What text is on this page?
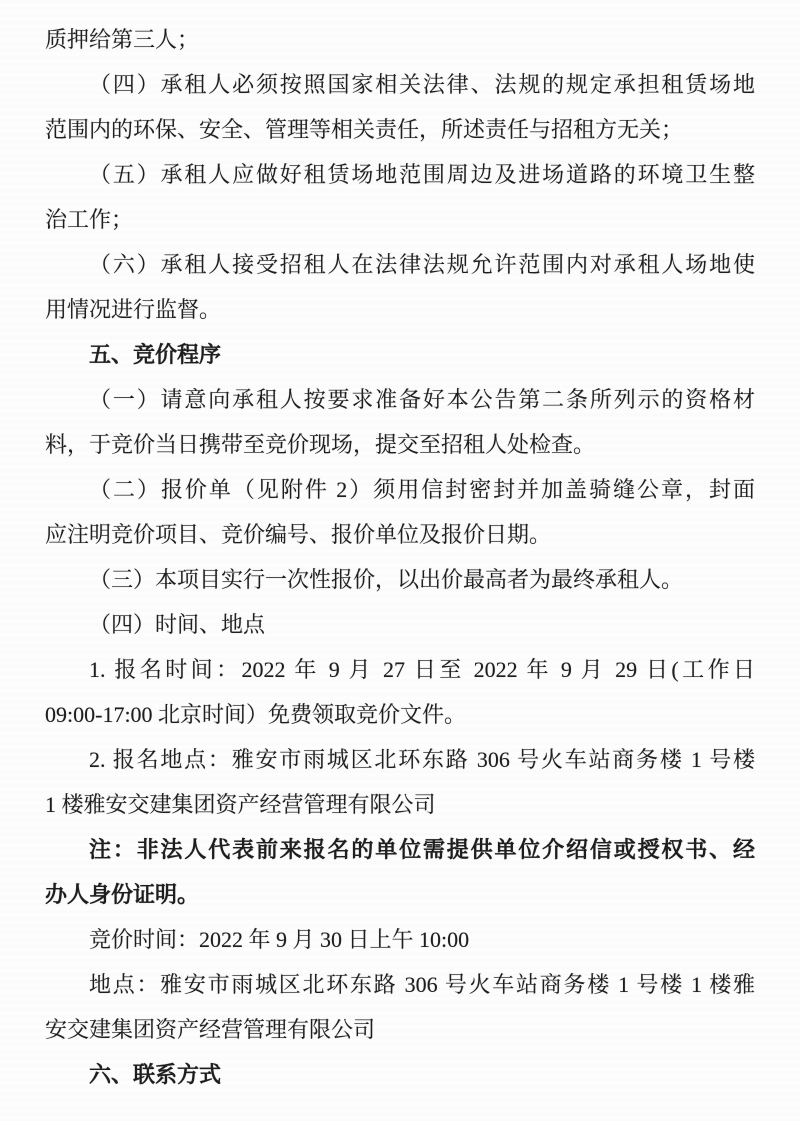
质押给第三人；
（四）承租人必须按照国家相关法律、法规的规定承担租赁场地
范围内的环保、安全、管理等相关责任，所述责任与招租方无关；
（五）承租人应做好租赁场地范围周边及进场道路的环境卫生整
治工作；
（六）承租人接受招租人在法律法规允许范围内对承租人场地使
用情况进行监督。
五、竞价程序
（一）请意向承租人按要求准备好本公告第二条所列示的资格材
料，于竞价当日携带至竞价现场，提交至招租人处检查。
（二）报价单（见附件 2）须用信封密封并加盖骑缝公章，封面
应注明竞价项目、竞价编号、报价单位及报价日期。
（三）本项目实行一次性报价，以出价最高者为最终承租人。
（四）时间、地点
1. 报名时间：2022 年 9 月 27 日至 2022 年 9 月 29 日(工作日
09:00-17:00 北京时间）免费领取竞价文件。
2. 报名地点：雅安市雨城区北环东路 306 号火车站商务楼 1 号楼
1 楼雅安交建集团资产经营管理有限公司
注：非法人代表前来报名的单位需提供单位介绍信或授权书、经
办人身份证明。
竞价时间：2022 年 9 月 30 日上午 10:00
地点：雅安市雨城区北环东路 306 号火车站商务楼 1 号楼 1 楼雅
安交建集团资产经营管理有限公司
六、联系方式
